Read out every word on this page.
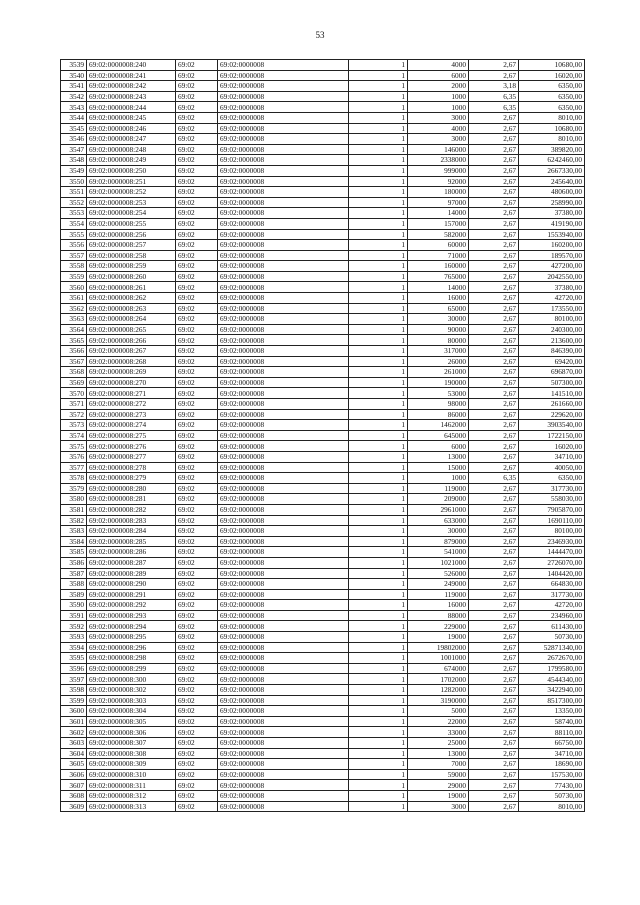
53
3539	69:02:0000008:240	69:02	69:02:0000008	1	4000	2,67	10680,00
3540	69:02:0000008:241	69:02	69:02:0000008	1	6000	2,67	16020,00
3541	69:02:0000008:242	69:02	69:02:0000008	1	2000	3,18	6350,00
3542	69:02:0000008:243	69:02	69:02:0000008	1	1000	6,35	6350,00
3543	69:02:0000008:244	69:02	69:02:0000008	1	1000	6,35	6350,00
3544	69:02:0000008:245	69:02	69:02:0000008	1	3000	2,67	8010,00
3545	69:02:0000008:246	69:02	69:02:0000008	1	4000	2,67	10680,00
3546	69:02:0000008:247	69:02	69:02:0000008	1	3000	2,67	8010,00
3547	69:02:0000008:248	69:02	69:02:0000008	1	146000	2,67	389820,00
3548	69:02:0000008:249	69:02	69:02:0000008	1	2338000	2,67	6242460,00
3549	69:02:0000008:250	69:02	69:02:0000008	1	999000	2,67	2667330,00
3550	69:02:0000008:251	69:02	69:02:0000008	1	92000	2,67	245640,00
3551	69:02:0000008:252	69:02	69:02:0000008	1	180000	2,67	480600,00
3552	69:02:0000008:253	69:02	69:02:0000008	1	97000	2,67	258990,00
3553	69:02:0000008:254	69:02	69:02:0000008	1	14000	2,67	37380,00
3554	69:02:0000008:255	69:02	69:02:0000008	1	157000	2,67	419190,00
3555	69:02:0000008:256	69:02	69:02:0000008	1	582000	2,67	1553940,00
3556	69:02:0000008:257	69:02	69:02:0000008	1	60000	2,67	160200,00
3557	69:02:0000008:258	69:02	69:02:0000008	1	71000	2,67	189570,00
3558	69:02:0000008:259	69:02	69:02:0000008	1	160000	2,67	427200,00
3559	69:02:0000008:260	69:02	69:02:0000008	1	765000	2,67	2042550,00
3560	69:02:0000008:261	69:02	69:02:0000008	1	14000	2,67	37380,00
3561	69:02:0000008:262	69:02	69:02:0000008	1	16000	2,67	42720,00
3562	69:02:0000008:263	69:02	69:02:0000008	1	65000	2,67	173550,00
3563	69:02:0000008:264	69:02	69:02:0000008	1	30000	2,67	80100,00
3564	69:02:0000008:265	69:02	69:02:0000008	1	90000	2,67	240300,00
3565	69:02:0000008:266	69:02	69:02:0000008	1	80000	2,67	213600,00
3566	69:02:0000008:267	69:02	69:02:0000008	1	317000	2,67	846390,00
3567	69:02:0000008:268	69:02	69:02:0000008	1	26000	2,67	69420,00
3568	69:02:0000008:269	69:02	69:02:0000008	1	261000	2,67	696870,00
3569	69:02:0000008:270	69:02	69:02:0000008	1	190000	2,67	507300,00
3570	69:02:0000008:271	69:02	69:02:0000008	1	53000	2,67	141510,00
3571	69:02:0000008:272	69:02	69:02:0000008	1	98000	2,67	261660,00
3572	69:02:0000008:273	69:02	69:02:0000008	1	86000	2,67	229620,00
3573	69:02:0000008:274	69:02	69:02:0000008	1	1462000	2,67	3903540,00
3574	69:02:0000008:275	69:02	69:02:0000008	1	645000	2,67	1722150,00
3575	69:02:0000008:276	69:02	69:02:0000008	1	6000	2,67	16020,00
3576	69:02:0000008:277	69:02	69:02:0000008	1	13000	2,67	34710,00
3577	69:02:0000008:278	69:02	69:02:0000008	1	15000	2,67	40050,00
3578	69:02:0000008:279	69:02	69:02:0000008	1	1000	6,35	6350,00
3579	69:02:0000008:280	69:02	69:02:0000008	1	119000	2,67	317730,00
3580	69:02:0000008:281	69:02	69:02:0000008	1	209000	2,67	558030,00
3581	69:02:0000008:282	69:02	69:02:0000008	1	2961000	2,67	7905870,00
3582	69:02:0000008:283	69:02	69:02:0000008	1	633000	2,67	1690110,00
3583	69:02:0000008:284	69:02	69:02:0000008	1	30000	2,67	80100,00
3584	69:02:0000008:285	69:02	69:02:0000008	1	879000	2,67	2346930,00
3585	69:02:0000008:286	69:02	69:02:0000008	1	541000	2,67	1444470,00
3586	69:02:0000008:287	69:02	69:02:0000008	1	1021000	2,67	2726070,00
3587	69:02:0000008:289	69:02	69:02:0000008	1	526000	2,67	1404420,00
3588	69:02:0000008:290	69:02	69:02:0000008	1	249000	2,67	664830,00
3589	69:02:0000008:291	69:02	69:02:0000008	1	119000	2,67	317730,00
3590	69:02:0000008:292	69:02	69:02:0000008	1	16000	2,67	42720,00
3591	69:02:0000008:293	69:02	69:02:0000008	1	88000	2,67	234960,00
3592	69:02:0000008:294	69:02	69:02:0000008	1	229000	2,67	611430,00
3593	69:02:0000008:295	69:02	69:02:0000008	1	19000	2,67	50730,00
3594	69:02:0000008:296	69:02	69:02:0000008	1	19802000	2,67	52871340,00
3595	69:02:0000008:298	69:02	69:02:0000008	1	1001000	2,67	2672670,00
3596	69:02:0000008:299	69:02	69:02:0000008	1	674000	2,67	1799580,00
3597	69:02:0000008:300	69:02	69:02:0000008	1	1702000	2,67	4544340,00
3598	69:02:0000008:302	69:02	69:02:0000008	1	1282000	2,67	3422940,00
3599	69:02:0000008:303	69:02	69:02:0000008	1	3190000	2,67	8517300,00
3600	69:02:0000008:304	69:02	69:02:0000008	1	5000	2,67	13350,00
3601	69:02:0000008:305	69:02	69:02:0000008	1	22000	2,67	58740,00
3602	69:02:0000008:306	69:02	69:02:0000008	1	33000	2,67	88110,00
3603	69:02:0000008:307	69:02	69:02:0000008	1	25000	2,67	66750,00
3604	69:02:0000008:308	69:02	69:02:0000008	1	13000	2,67	34710,00
3605	69:02:0000008:309	69:02	69:02:0000008	1	7000	2,67	18690,00
3606	69:02:0000008:310	69:02	69:02:0000008	1	59000	2,67	157530,00
3607	69:02:0000008:311	69:02	69:02:0000008	1	29000	2,67	77430,00
3608	69:02:0000008:312	69:02	69:02:0000008	1	19000	2,67	50730,00
3609	69:02:0000008:313	69:02	69:02:0000008	1	3000	2,67	8010,00
